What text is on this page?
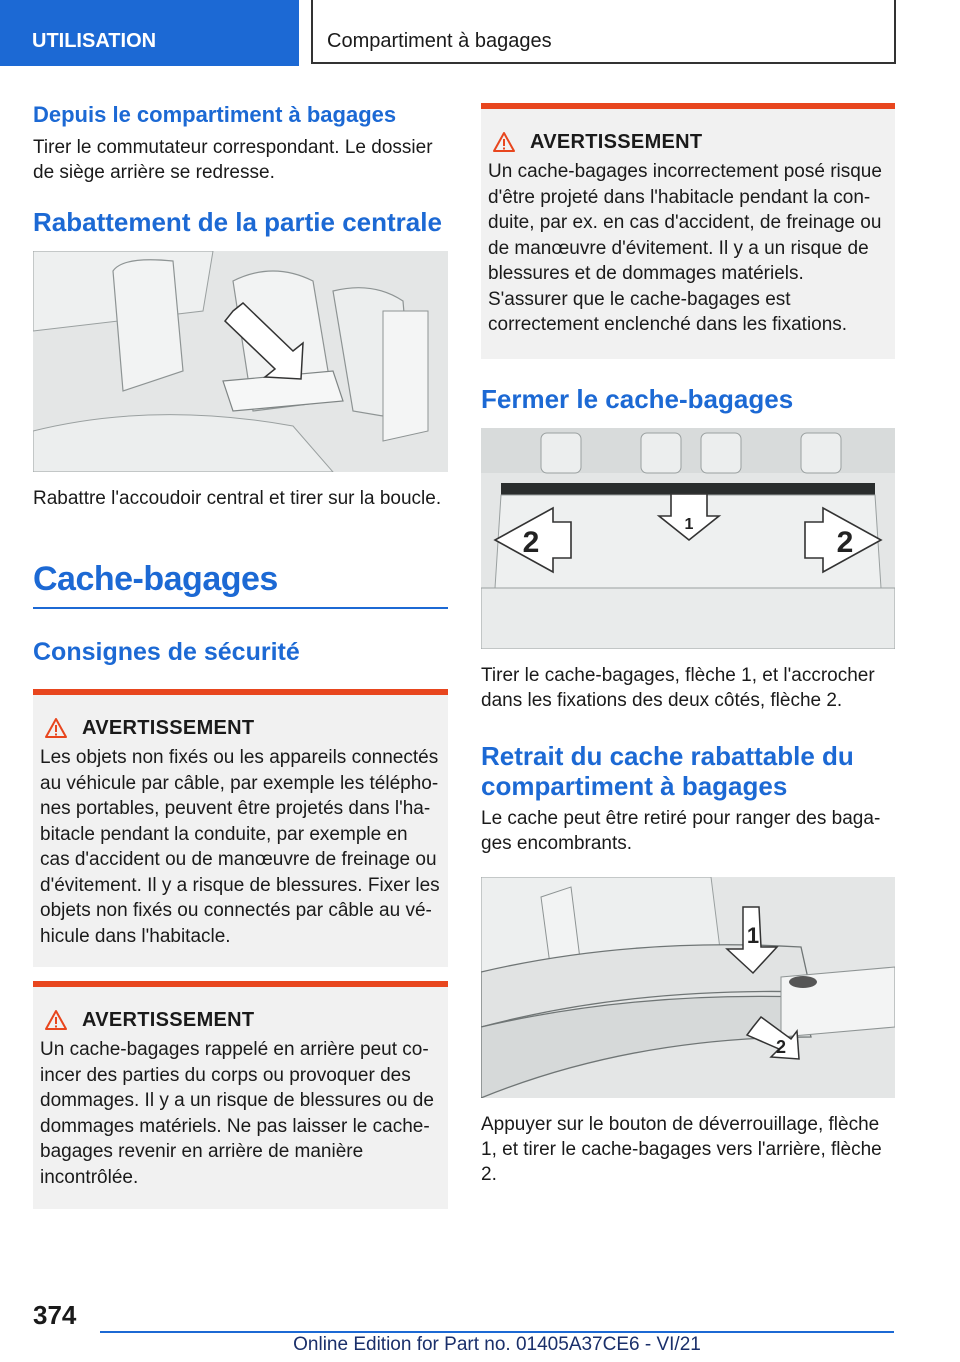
UTILISATION	Compartiment à bagages
Depuis le compartiment à bagages

Tirer le commutateur correspondant. Le dossier de siège arrière se redresse.

Rabattement de la partie centrale

Rabattre l'accoudoir central et tirer sur la boucle.

Cache-bagages
Consignes de sécurité
AVERTISSEMENT

Les objets non fixés ou les appareils connectés au véhicule par câble, par exemple les téléphones portables, peuvent être projetés dans l'habitacle pendant la conduite, par exemple en cas d'accident ou de manœuvre de freinage ou d'évitement. Il y a risque de blessures. Fixer les objets non fixés ou connectés par câble au véhicule dans l'habitacle.

AVERTISSEMENT

Un cache-bagages rappelé en arrière peut coincer des parties du corps ou provoquer des dommages. Il y a un risque de blessures ou de dommages matériels. Ne pas laisser le cache-bagages revenir en arrière de manière incontrôlée.

AVERTISSEMENT

Un cache-bagages incorrectement posé risque d'être projeté dans l'habitacle pendant la conduite, par ex. en cas d'accident, de freinage ou de manœuvre d'évitement. Il y a un risque de blessures et de dommages matériels. S'assurer que le cache-bagages est correctement enclenché dans les fixations.

Fermer le cache-bagages
1
2	2

Tirer le cache-bagages, flèche 1, et l'accrocher dans les fixations des deux côtés, flèche 2.

Retrait du cache rabattable du compartiment à bagages

Le cache peut être retiré pour ranger des bagages encombrants.

1
2

Appuyer sur le bouton de déverrouillage, flèche 1, et tirer le cache-bagages vers l'arrière, flèche 2.

374
Online Edition for Part no. 01405A37CE6 - VI/21
